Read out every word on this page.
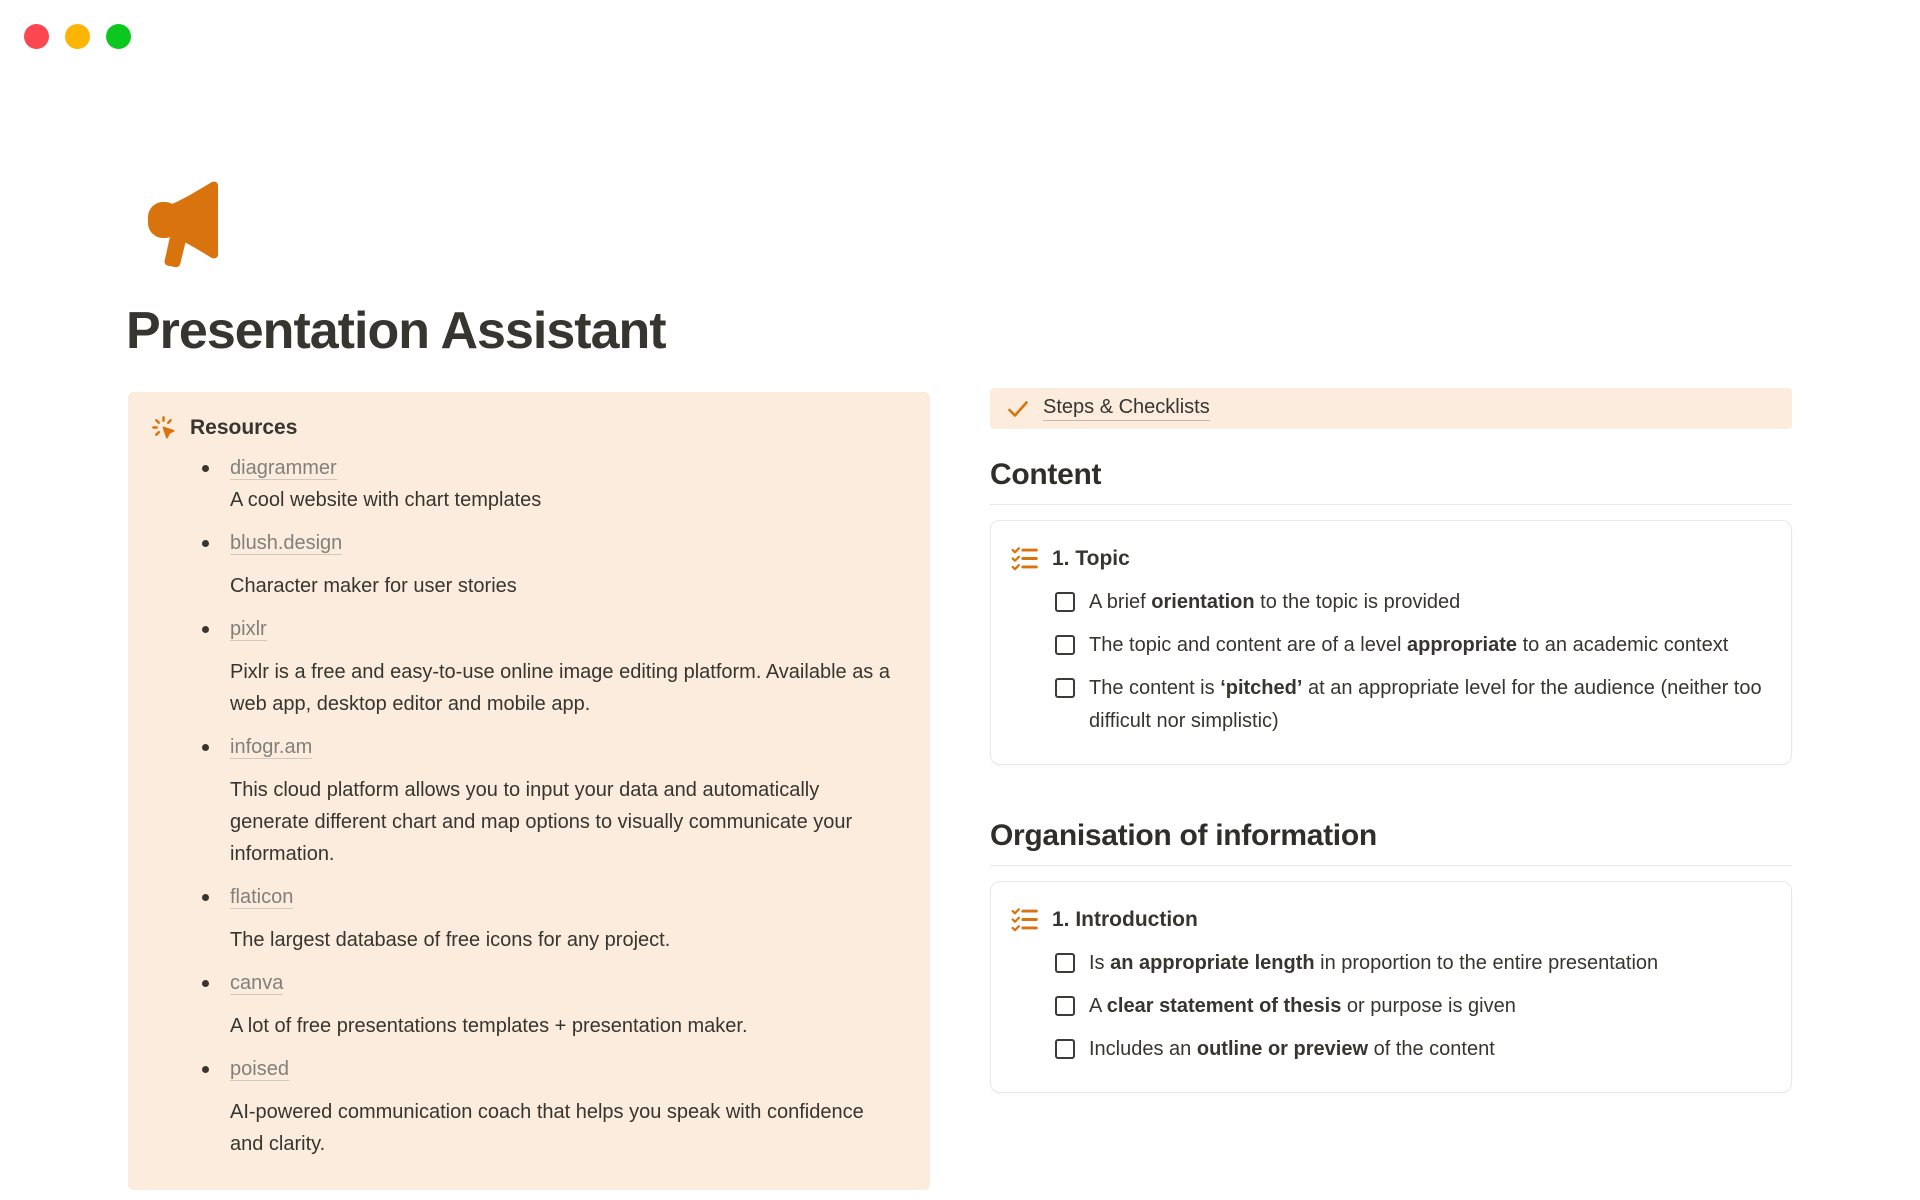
Presentation Assistant
Resources
diagrammer

A cool website with chart templates

blush.design

Character maker for user stories

pixlr

Pixlr is a free and easy-to-use online image editing platform. Available as a web app, desktop editor and mobile app.

infogr.am

This cloud platform allows you to input your data and automatically generate different chart and map options to visually communicate your information.

flaticon

The largest database of free icons for any project.

canva

A lot of free presentations templates + presentation maker.

poised

AI-powered communication coach that helps you speak with confidence and clarity.

Steps & Checklists
Content
1. Topic
A brief orientation to the topic is provided
The topic and content are of a level appropriate to an academic context
The content is ‘pitched’ at an appropriate level for the audience (neither too difficult nor simplistic)
Organisation of information
1. Introduction
Is an appropriate length in proportion to the entire presentation
A clear statement of thesis or purpose is given
Includes an outline or preview of the content
